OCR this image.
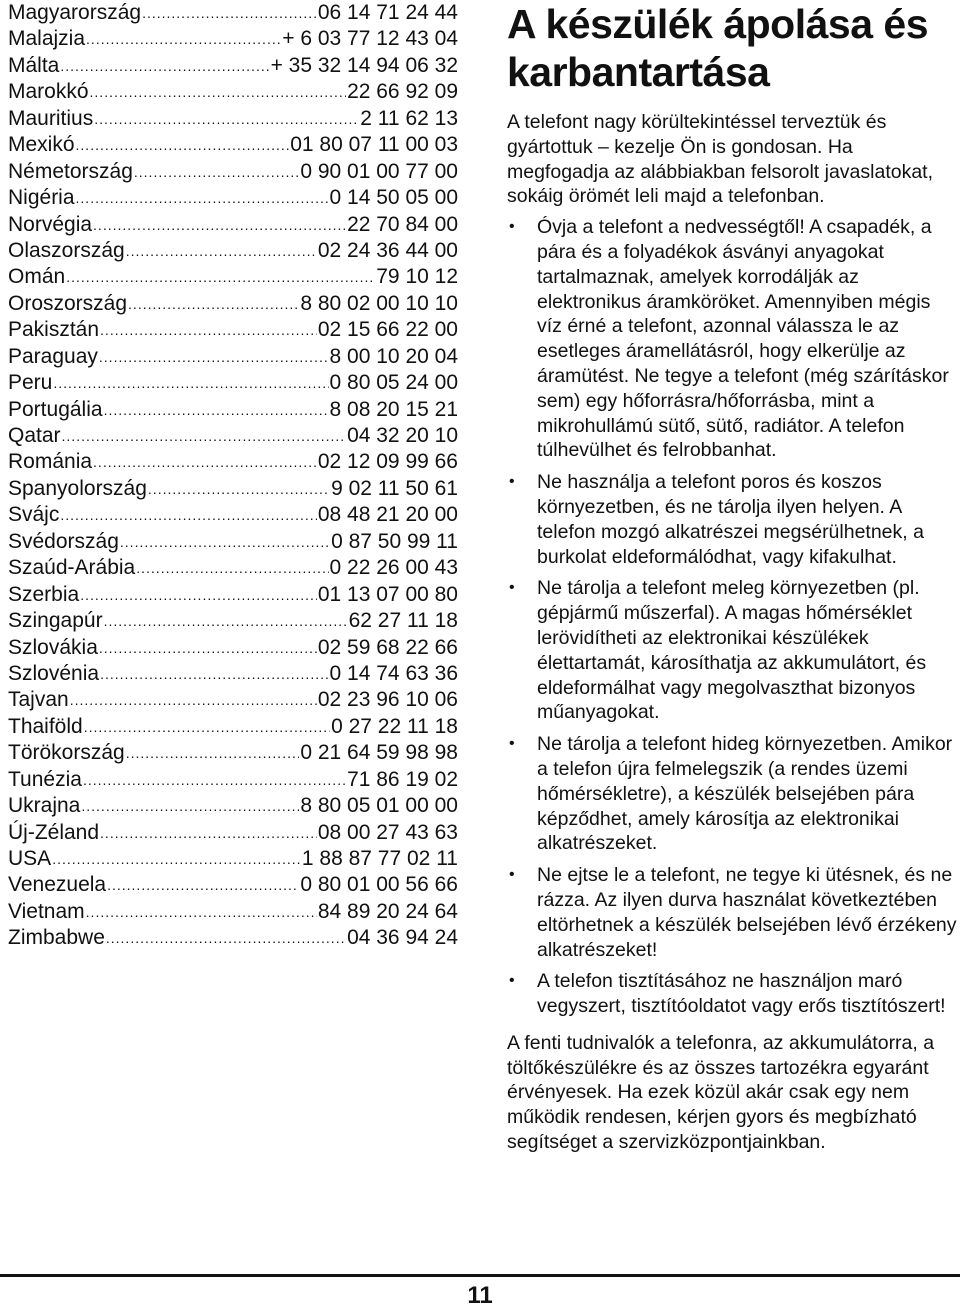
Magyarország .....	06 14 71 24 44
Malajzia .....	+ 6 03 77 12 43 04
Málta .....	+ 35 32 14 94 06 32
Marokkó .....	22 66 92 09
Mauritius .....	2 11 62 13
Mexikó .....	01 80 07 11 00 03
Németország .....	0 90 01 00 77 00
Nigéria .....	0 14 50 05 00
Norvégia .....	22 70 84 00
Olaszország .....	02 24 36 44 00
Omán .....	79 10 12
Oroszország .....	8 80 02 00 10 10
Pakisztán .....	02 15 66 22 00
Paraguay .....	8 00 10 20 04
Peru .....	0 80 05 24 00
Portugália .....	8 08 20 15 21
Qatar .....	04 32 20 10
Románia .....	02 12 09 99 66
Spanyolország .....	9 02 11 50 61
Svájc .....	08 48 21 20 00
Svédország .....	0 87 50 99 11
Szaúd-Arábia .....	0 22 26 00 43
Szerbia .....	01 13 07 00 80
Szingapúr .....	62 27 11 18
Szlovákia .....	02 59 68 22 66
Szlovénia .....	0 14 74 63 36
Tajvan .....	02 23 96 10 06
Thaiföld .....	0 27 22 11 18
Törökország .....	0 21 64 59 98 98
Tunézia .....	71 86 19 02
Ukrajna .....	8 80 05 01 00 00
Új-Zéland .....	08 00 27 43 63
USA .....	1 88 87 77 02 11
Venezuela .....	0 80 01 00 56 66
Vietnam .....	84 89 20 24 64
Zimbabwe .....	04 36 94 24
A készülék ápolása és karbantartása

A telefont nagy körültekintéssel terveztük és gyártottuk – kezelje Ön is gondosan. Ha megfogadja az alábbiakban felsorolt javaslatokat, sokáig örömét leli majd a telefonban.

• Óvja a telefont a nedvességtől! A csapadék, a pára és a folyadékok ásványi anyagokat tartalmaznak, amelyek korrodálják az elektronikus áramköröket. Amennyiben mégis víz érné a telefont, azonnal válassza le az esetleges áramellátásról, hogy elkerülje az áramütést. Ne tegye a telefont (még szárításkor sem) egy hőforrásra/hőforrásba, mint a mikrohullámú sütő, sütő, radiátor. A telefon túlhevülhet és felrobbanhat.
• Ne használja a telefont poros és koszos környezetben, és ne tárolja ilyen helyen. A telefon mozgó alkatrészei megsérülhetnek, a burkolat eldeformálódhat, vagy kifakulhat.
• Ne tárolja a telefont meleg környezetben (pl. gépjármű műszerfal). A magas hőmérséklet lerövidítheti az elektronikai készülékek élettartamát, károsíthatja az akkumulátort, és eldeformálhat vagy megolvaszthat bizonyos műanyagokat.
• Ne tárolja a telefont hideg környezetben. Amikor a telefon újra felmelegszik (a rendes üzemi hőmérsékletre), a készülék belsejében pára képződhet, amely károsítja az elektronikai alkatrészeket.
• Ne ejtse le a telefont, ne tegye ki ütésnek, és ne rázza. Az ilyen durva használat következtében eltörhetnek a készülék belsejében lévő érzékeny alkatrészeket!
• A telefon tisztításához ne használjon maró vegyszert, tisztítóoldatot vagy erős tisztítószert!

A fenti tudnivalók a telefonra, az akkumulátorra, a töltőkészülékre és az összes tartozékra egyaránt érvényesek. Ha ezek közül akár csak egy nem működik rendesen, kérjen gyors és megbízható segítséget a szervizközpontjainkban.

11
